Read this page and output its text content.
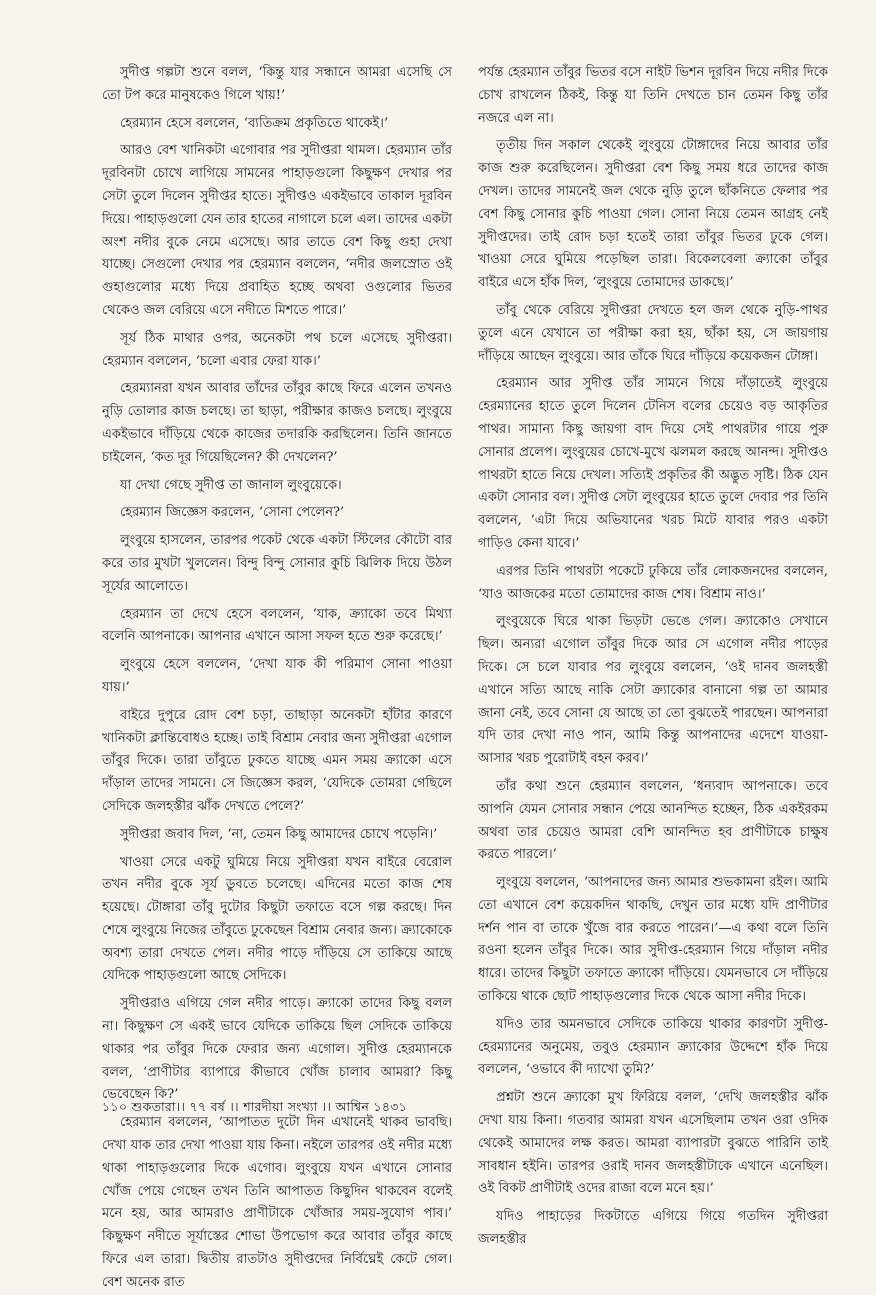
সুদীপ্ত গল্পটা শুনে বলল, ‘কিন্তু যার সন্ধানে আমরা এসেছি সে তো টপ করে মানুষকেও গিলে খায়!’

হেরম্যান হেসে বললেন, ‘ব্যতিক্রম প্রকৃতিতে থাকেই।’

আরও বেশ খানিকটা এগোবার পর সুদীপ্তরা থামল। হেরম্যান তাঁর দূরবিনটা চোখে লাগিয়ে সামনের পাহাড়গুলো কিছুক্ষণ দেখার পর সেটা তুলে দিলেন সুদীপ্তর হাতে। সুদীপ্তও একইভাবে তাকাল দূরবিন দিয়ে। পাহাড়গুলো যেন তার হাতের নাগালে চলে এল। তাদের একটা অংশ নদীর বুকে নেমে এসেছে। আর তাতে বেশ কিছু গুহা দেখা যাচ্ছে। সেগুলো দেখার পর হেরম্যান বললেন, ‘নদীর জলস্রোত ওই গুহাগুলোর মধ্যে দিয়ে প্রবাহিত হচ্ছে অথবা ওগুলোর ভিতর থেকেও জল বেরিয়ে এসে নদীতে মিশতে পারে।’

সূর্য ঠিক মাথার ওপর, অনেকটা পথ চলে এসেছে সুদীপ্তরা। হেরম্যান বললেন, ‘চলো এবার ফেরা যাক।’

হেরম্যানরা যখন আবার তাঁদের তাঁবুর কাছে ফিরে এলেন তখনও নুড়ি তোলার কাজ চলছে। তা ছাড়া, পরীক্ষার কাজও চলছে। লুংবুয়ে একইভাবে দাঁড়িয়ে থেকে কাজের তদারকি করছিলেন। তিনি জানতে চাইলেন, ‘কত দূর গিয়েছিলেন? কী দেখলেন?’

যা দেখা গেছে সুদীপ্ত তা জানাল লুংবুয়েকে।

হেরম্যান জিজ্ঞেস করলেন, ‘সোনা পেলেন?’

লুংবুয়ে হাসলেন, তারপর পকেট থেকে একটা স্টিলের কৌটো বার করে তার মুখটা খুললেন। বিন্দু বিন্দু সোনার কুচি ঝিলিক দিয়ে উঠল সূর্যের আলোতে।

হেরম্যান তা দেখে হেসে বললেন, ‘যাক, ক্র্যাকো তবে মিথ্যা বলেনি আপনাকে। আপনার এখানে আসা সফল হতে শুরু করেছে।’

লুংবুয়ে হেসে বললেন, ‘দেখা যাক কী পরিমাণ সোনা পাওয়া যায়।’

বাইরে দুপুরে রোদ বেশ চড়া, তাছাড়া অনেকটা হাঁটার কারণে খানিকটা ক্লান্তিবোধও হচ্ছে। তাই বিশ্রাম নেবার জন্য সুদীপ্তরা এগোল তাঁবুর দিকে। তারা তাঁবুতে ঢুকতে যাচ্ছে এমন সময় ক্র্যাকো এসে দাঁড়াল তাদের সামনে। সে জিজ্ঞেস করল, ‘যেদিকে তোমরা গেছিলে সেদিকে জলহস্তীর ঝাঁক দেখতে পেলে?’

সুদীপ্তরা জবাব দিল, ‘না, তেমন কিছু আমাদের চোখে পড়েনি।’

খাওয়া সেরে একটু ঘুমিয়ে নিয়ে সুদীপ্তরা যখন বাইরে বেরোল তখন নদীর বুকে সূর্য ডুবতে চলেছে। এদিনের মতো কাজ শেষ হয়েছে। টোঙ্গারা তাঁবু দুটোর কিছুটা তফাতে বসে গল্প করছে। দিন শেষে লুংবুয়ে নিজের তাঁবুতে ঢুকেছেন বিশ্রাম নেবার জন্য। ক্র্যাকোকে অবশ্য তারা দেখতে পেল। নদীর পাড়ে দাঁড়িয়ে সে তাকিয়ে আছে যেদিকে পাহাড়গুলো আছে সেদিকে।

সুদীপ্তরাও এগিয়ে গেল নদীর পাড়ে। ক্র্যাকো তাদের কিছু বলল না। কিছুক্ষণ সে একই ভাবে যেদিকে তাকিয়ে ছিল সেদিকে তাকিয়ে থাকার পর তাঁবুর দিকে ফেরার জন্য এগোল। সুদীপ্ত হেরম্যানকে বলল, ‘প্রাণীটার ব্যাপারে কীভাবে খোঁজ চালাব আমরা? কিছু ভেবেছেন কি?’

হেরম্যান বললেন, ‘আপাতত দুটো দিন এখানেই থাকব ভাবছি। দেখা যাক তার দেখা পাওয়া যায় কিনা। নইলে তারপর ওই নদীর মধ্যে থাকা পাহাড়গুলোর দিকে এগোব। লুংবুয়ে যখন এখানে সোনার খোঁজ পেয়ে গেছেন তখন তিনি আপাতত কিছুদিন থাকবেন বলেই মনে হয়, আর আমরাও প্রাণীটাকে খোঁজার সময়-সুযোগ পাব।’ কিছুক্ষণ নদীতে সূর্যাস্তের শোভা উপভোগ করে আবার তাঁবুর কাছে ফিরে এল তারা। দ্বিতীয় রাতটাও সুদীপ্তদের নির্বিঘ্নেই কেটে গেল। বেশ অনেক রাত

পর্যন্ত হেরম্যান তাঁবুর ভিতর বসে নাইট ভিশন দূরবিন দিয়ে নদীর দিকে চোখ রাখলেন ঠিকই, কিন্তু যা তিনি দেখতে চান তেমন কিছু তাঁর নজরে এল না।

তৃতীয় দিন সকাল থেকেই লুংবুয়ে টোঙ্গাদের নিয়ে আবার তাঁর কাজ শুরু করেছিলেন। সুদীপ্তরা বেশ কিছু সময় ধরে তাদের কাজ দেখল। তাদের সামনেই জল থেকে নুড়ি তুলে ছাঁকনিতে ফেলার পর বেশ কিছু সোনার কুচি পাওয়া গেল। সোনা নিয়ে তেমন আগ্রহ নেই সুদীপ্তদের। তাই রোদ চড়া হতেই তারা তাঁবুর ভিতর ঢুকে গেল। খাওয়া সেরে ঘুমিয়ে পড়েছিল তারা। বিকেলবেলা ক্র্যাকো তাঁবুর বাইরে এসে হাঁক দিল, ‘লুংবুয়ে তোমাদের ডাকছে।’

তাঁবু থেকে বেরিয়ে সুদীপ্তরা দেখতে হল জল থেকে নুড়ি-পাথর তুলে এনে যেখানে তা পরীক্ষা করা হয়, ছাঁকা হয়, সে জায়গায় দাঁড়িয়ে আছেন লুংবুয়ে। আর তাঁকে ঘিরে দাঁড়িয়ে কয়েকজন টোঙ্গা।

হেরম্যান আর সুদীপ্ত তাঁর সামনে গিয়ে দাঁড়াতেই লুংবুয়ে হেরম্যানের হাতে তুলে দিলেন টেনিস বলের চেয়েও বড় আকৃতির পাথর। সামান্য কিছু জায়গা বাদ দিয়ে সেই পাথরটার গায়ে পুরু সোনার প্রলেপ। লুংবুয়ের চোখে-মুখে ঝলমল করছে আনন্দ। সুদীপ্তও পাথরটা হাতে নিয়ে দেখল। সত্যিই প্রকৃতির কী অদ্ভুত সৃষ্টি। ঠিক যেন একটা সোনার বল। সুদীপ্ত সেটা লুংবুয়ের হাতে তুলে দেবার পর তিনি বললেন, ‘এটা দিয়ে অভিযানের খরচ মিটে যাবার পরও একটা গাড়িও কেনা যাবে।’

এরপর তিনি পাথরটা পকেটে ঢুকিয়ে তাঁর লোকজনদের বললেন, ‘যাও আজকের মতো তোমাদের কাজ শেষ। বিশ্রাম নাও।’

লুংবুয়েকে ঘিরে থাকা ভিড়টা ভেঙে গেল। ক্র্যাকোও সেখানে ছিল। অন্যরা এগোল তাঁবুর দিকে আর সে এগোল নদীর পাড়ের দিকে। সে চলে যাবার পর লুংবুয়ে বললেন, ‘ওই দানব জলহস্তী এখানে সত্যি আছে নাকি সেটা ক্র্যাকোর বানানো গল্প তা আমার জানা নেই, তবে সোনা যে আছে তা তো বুঝতেই পারছেন। আপনারা যদি তার দেখা নাও পান, আমি কিন্তু আপনাদের এদেশে যাওয়া-আসার খরচ পুরোটাই বহন করব।’

তাঁর কথা শুনে হেরম্যান বললেন, ‘ধন্যবাদ আপনাকে। তবে আপনি যেমন সোনার সন্ধান পেয়ে আনন্দিত হচ্ছেন, ঠিক একইরকম অথবা তার চেয়েও আমরা বেশি আনন্দিত হব প্রাণীটাকে চাক্ষুষ করতে পারলে।’

লুংবুয়ে বললেন, ‘আপনাদের জন্য আমার শুভকামনা রইল। আমি তো এখানে বেশ কয়েকদিন থাকছি, দেখুন তার মধ্যে যদি প্রাণীটার দর্শন পান বা তাকে খুঁজে বার করতে পারেন।’—এ কথা বলে তিনি রওনা হলেন তাঁবুর দিকে। আর সুদীপ্ত-হেরম্যান গিয়ে দাঁড়াল নদীর ধারে। তাদের কিছুটা তফাতে ক্র্যাকো দাঁড়িয়ে। যেমনভাবে সে দাঁড়িয়ে তাকিয়ে থাকে ছোট পাহাড়গুলোর দিকে থেকে আসা নদীর দিকে।

যদিও তার অমনভাবে সেদিকে তাকিয়ে থাকার কারণটা সুদীপ্ত-হেরম্যানের অনুমেয়, তবুও হেরম্যান ক্র্যাকোর উদ্দেশে হাঁক দিয়ে বললেন, ‘ওভাবে কী দ্যাখো তুমি?’

প্রশ্নটা শুনে ক্র্যাকো মুখ ফিরিয়ে বলল, ‘দেখি জলহস্তীর ঝাঁক দেখা যায় কিনা। গতবার আমরা যখন এসেছিলাম তখন ওরা ওদিক থেকেই আমাদের লক্ষ করত। আমরা ব্যাপারটা বুঝতে পারিনি তাই সাবধান হইনি। তারপর ওরাই দানব জলহস্তীটাকে এখানে এনেছিল। ওই বিকট প্রাণীটাই ওদের রাজা বলে মনে হয়।’

যদিও পাহাড়ের দিকটাতে এগিয়ে গিয়ে গতদিন সুদীপ্তরা জলহস্তীর

১১০ শুকতারা।। ৭৭ বর্ষ ।। শারদীয়া সংখ্যা ।। আশ্বিন ১৪৩১
